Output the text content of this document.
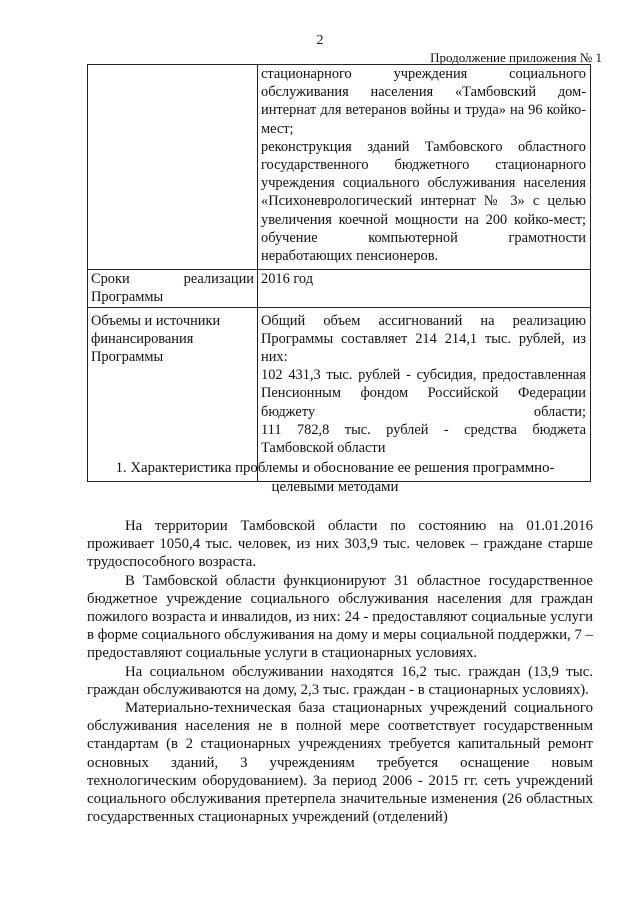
2
Продолжение приложения № 1

	стационарного учреждения социального обслуживания населения «Тамбовский дом-интернат для ветеранов войны и труда» на 96 койко-мест;

реконструкция зданий Тамбовского областного государственного бюджетного стационарного учреждения социального обслуживания населения «Психоневрологический интернат № 3» с целью увеличения коечной мощности на 200 койко-мест;

обучение компьютерной грамотности неработающих пенсионеров.

Сроки реализации Программы	2016 год

Объемы и источники финансирования Программы	Общий объем ассигнований на реализацию Программы составляет 214 214,1 тыс. рублей, из них:

102 431,3 тыс. рублей - субсидия, предоставленная Пенсионным фондом Российской Федерации бюджету области;

111 782,8 тыс. рублей - средства бюджета Тамбовской области

1. Характеристика проблемы и обоснование ее решения программно-целевыми методами

На территории Тамбовской области по состоянию на 01.01.2016 проживает 1050,4 тыс. человек, из них 303,9 тыс. человек – граждане старше трудоспособного возраста.

В Тамбовской области функционируют 31 областное государственное бюджетное учреждение социального обслуживания населения для граждан пожилого возраста и инвалидов, из них: 24 - предоставляют социальные услуги в форме социального обслуживания на дому и меры социальной поддержки, 7 – предоставляют социальные услуги в стационарных условиях.

На социальном обслуживании находятся 16,2 тыс. граждан (13,9 тыс. граждан обслуживаются на дому, 2,3 тыс. граждан - в стационарных условиях).

Материально-техническая база стационарных учреждений социального обслуживания населения не в полной мере соответствует государственным стандартам (в 2 стационарных учреждениях требуется капитальный ремонт основных зданий, 3 учреждениям требуется оснащение новым технологическим оборудованием). За период 2006 - 2015 гг. сеть учреждений социального обслуживания претерпела значительные изменения (26 областных государственных стационарных учреждений (отделений)
